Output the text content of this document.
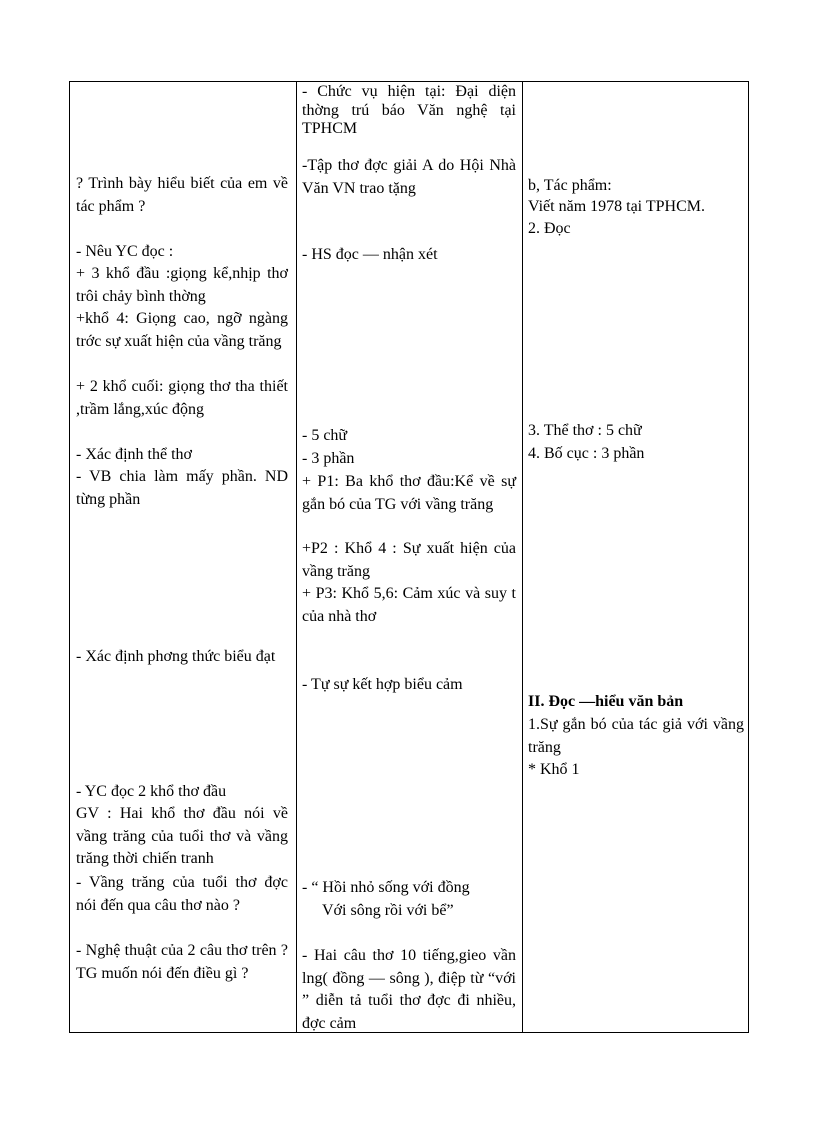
? Trình bày hiểu biết của em về tác phẩm ?

- Nêu YC đọc :

+ 3 khổ đầu :giọng kể,nhịp thơ trôi chảy bình thờng

+khổ 4: Giọng cao, ngỡ ngàng trớc sự xuất hiện của vầng trăng

+ 2 khổ cuối: giọng thơ tha thiết ,trầm lắng,xúc động

- Xác định thể thơ

- VB chia làm mấy phần. ND từng phần

- Xác định phơng thức biểu đạt

- YC đọc 2 khổ thơ đầu

GV : Hai khổ thơ đầu nói về vầng trăng của tuổi thơ và vầng trăng thời chiến tranh

- Vầng trăng của tuổi thơ đợc nói đến qua câu thơ nào ?

- Nghệ thuật của 2 câu thơ trên ? TG muốn nói đến điều gì ?

- Chức vụ hiện tại: Đại diện thờng trú báo Văn nghệ tại TPHCM

-Tập thơ đợc giải A do Hội Nhà Văn VN trao tặng

- HS đọc — nhận xét

- 5 chữ

- 3 phần

+ P1: Ba khổ thơ đầu:Kể về sự gắn bó của TG với vầng trăng

+P2 : Khổ 4 : Sự xuất hiện của vầng trăng

+ P3: Khổ 5,6: Cảm xúc và suy t của nhà thơ

- Tự sự kết hợp biểu cảm

- “ Hồi nhỏ sống với đồng

Với sông rồi với bể”

- Hai câu thơ 10 tiếng,gieo vần lng( đồng — sông ), điệp từ “với ” diễn tả tuổi thơ đợc đi nhiều, đợc cảm

b, Tác phẩm:

Viết năm 1978 tại TPHCM.

2. Đọc

3. Thể thơ : 5 chữ

4. Bố cục : 3 phần

II. Đọc —hiểu văn bản

1.Sự gắn bó của tác giả với vầng trăng

* Khổ 1
